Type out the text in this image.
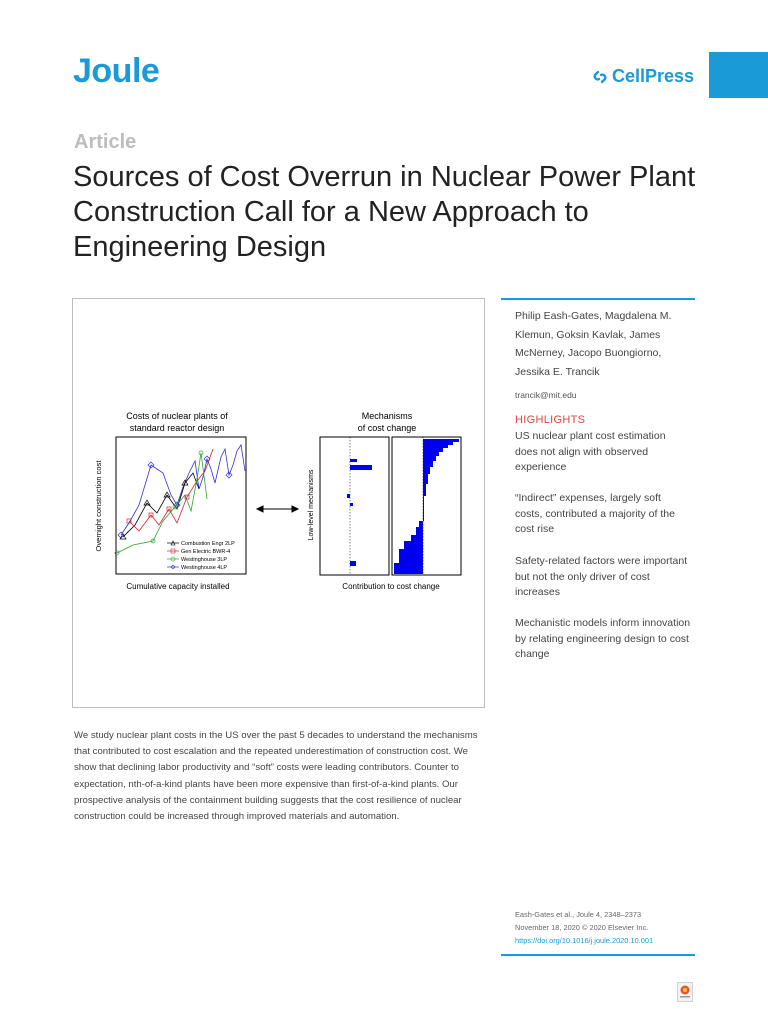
Joule	CellPress
Article
Sources of Cost Overrun in Nuclear Power Plant Construction Call for a New Approach to Engineering Design
Costs of nuclear plants of
standard reactor design
Overnight construction cost
Cumulative capacity installed
Combustion Engr 2LP
Gen Electric BWR-4
Westinghouse 3LP
Westinghouse 4LP
Mechanisms
of cost change
Low-level mechanisms
Contribution to cost change
Philip Eash-Gates, Magdalena M. Klemun, Goksin Kavlak, James McNerney, Jacopo Buongiorno, Jessika E. Trancik
trancik@mit.edu
HIGHLIGHTS
US nuclear plant cost estimation does not align with observed experience
“Indirect” expenses, largely soft costs, contributed a majority of the cost rise
Safety-related factors were important but not the only driver of cost increases
Mechanistic models inform innovation by relating engineering design to cost change
We study nuclear plant costs in the US over the past 5 decades to understand the mechanisms that contributed to cost escalation and the repeated underestimation of construction cost. We show that declining labor productivity and “soft” costs were leading contributors. Counter to expectation, nth-of-a-kind plants have been more expensive than first-of-a-kind plants. Our prospective analysis of the containment building suggests that the cost resilience of nuclear construction could be increased through improved materials and automation.
Eash-Gates et al., Joule 4, 2348–2373
November 18, 2020 © 2020 Elsevier Inc.
https://doi.org/10.1016/j.joule.2020.10.001
